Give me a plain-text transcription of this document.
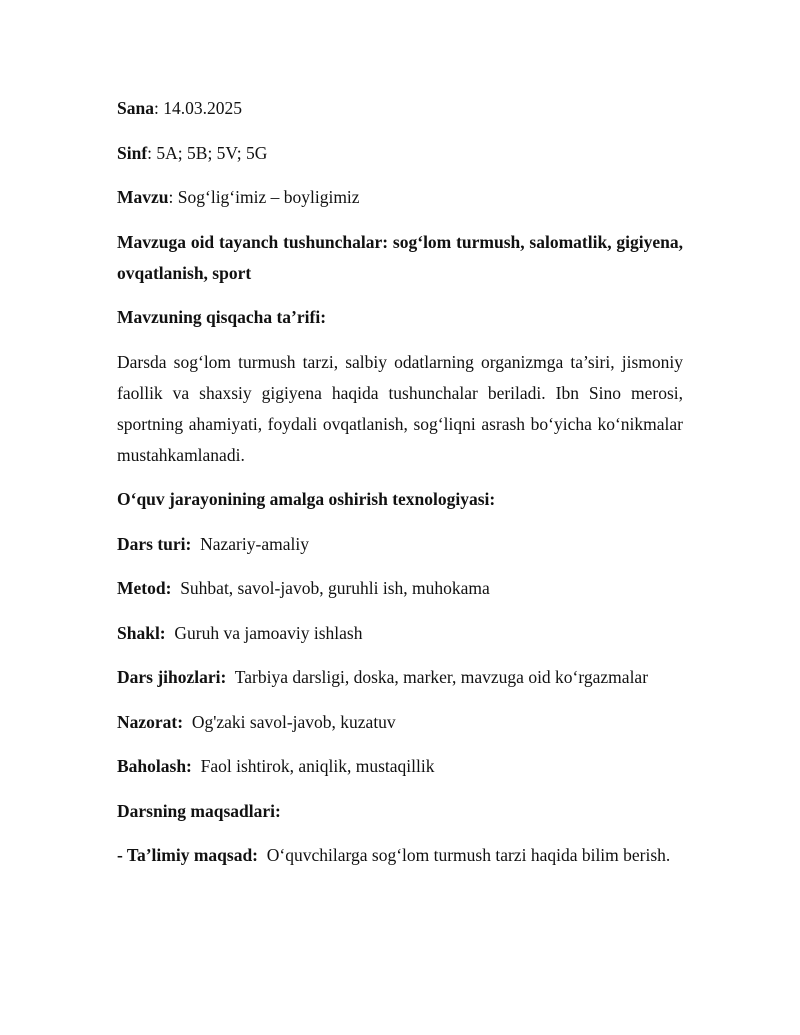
Sana: 14.03.2025

Sinf: 5A; 5B; 5V; 5G

Mavzu: Sog‘lig‘imiz – boyligimiz

Mavzuga oid tayanch tushunchalar: sog‘lom turmush, salomatlik, gigiyena, ovqatlanish, sport

Mavzuning qisqacha ta’rifi:

Darsda sog‘lom turmush tarzi, salbiy odatlarning organizmga ta’siri, jismoniy faollik va shaxsiy gigiyena haqida tushunchalar beriladi. Ibn Sino merosi, sportning ahamiyati, foydali ovqatlanish, sog‘liqni asrash bo‘yicha ko‘nikmalar mustahkamlanadi.

O‘quv jarayonining amalga oshirish texnologiyasi:

Dars turi: Nazariy-amaliy

Metod: Suhbat, savol-javob, guruhli ish, muhokama

Shakl: Guruh va jamoaviy ishlash

Dars jihozlari: Tarbiya darsligi, doska, marker, mavzuga oid ko‘rgazmalar

Nazorat: Og'zaki savol-javob, kuzatuv

Baholash: Faol ishtirok, aniqlik, mustaqillik

Darsning maqsadlari:

- Ta’limiy maqsad: O‘quvchilarga sog‘lom turmush tarzi haqida bilim berish.
